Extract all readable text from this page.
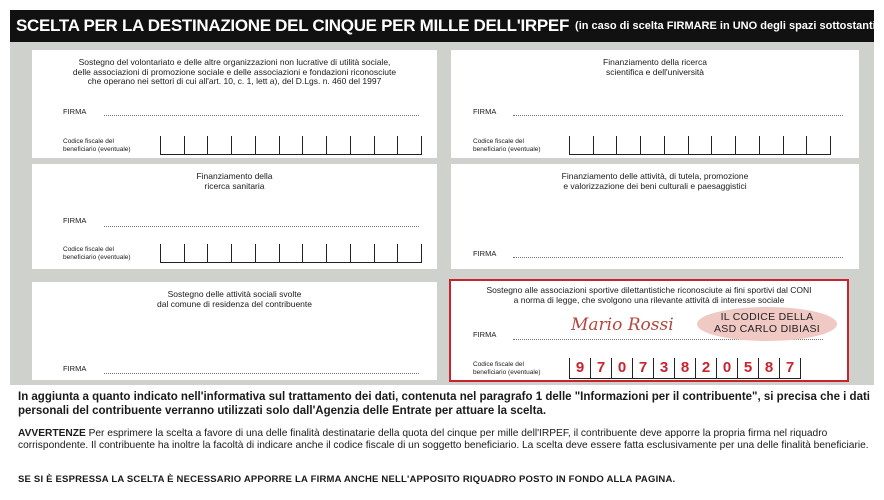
SCELTA PER LA DESTINAZIONE DEL CINQUE PER MILLE DELL'IRPEF (in caso di scelta FIRMARE in UNO degli spazi sottostanti)
Sostegno del volontariato e delle altre organizzazioni non lucrative di utilità sociale,
delle associazioni di promozione sociale e delle associazioni e fondazioni riconosciute
che operano nei settori di cui all'art. 10, c. 1, lett a), del D.Lgs. n. 460 del 1997
FIRMA
Codice fiscale del
beneficiario (eventuale)
Finanziamento della ricerca
scientifica e dell'università
FIRMA
Codice fiscale del
beneficiario (eventuale)
Finanziamento della
ricerca sanitaria
FIRMA
Codice fiscale del
beneficiario (eventuale)
Finanziamento delle attività, di tutela, promozione
e valorizzazione dei beni culturali e paesaggistici
FIRMA
Sostegno delle attività sociali svolte
dal comune di residenza del contribuente
FIRMA
Sostegno alle associazioni sportive dilettantistiche riconosciute ai fini sportivi dal CONI
a norma di legge, che svolgono una rilevante attività di interesse sociale
FIRMA	Mario Rossi	IL CODICE DELLA
ASD CARLO DIBIASI
Codice fiscale del
beneficiario (eventuale)	9 7 0 7 3 8 2 0 5 8 7
In aggiunta a quanto indicato nell'informativa sul trattamento dei dati, contenuta nel paragrafo 1 delle "Informazioni per il contribuente", si precisa che i dati personali del contribuente verranno utilizzati solo dall'Agenzia delle Entrate per attuare la scelta.
AVVERTENZE Per esprimere la scelta a favore di una delle finalità destinatarie della quota del cinque per mille dell'IRPEF, il contribuente deve apporre la propria firma nel riquadro corrispondente. Il contribuente ha inoltre la facoltà di indicare anche il codice fiscale di un soggetto beneficiario. La scelta deve essere fatta esclusivamente per una delle finalità beneficiarie.
SE SI È ESPRESSA LA SCELTA È NECESSARIO APPORRE LA FIRMA ANCHE NELL'APPOSITO RIQUADRO POSTO IN FONDO ALLA PAGINA.
